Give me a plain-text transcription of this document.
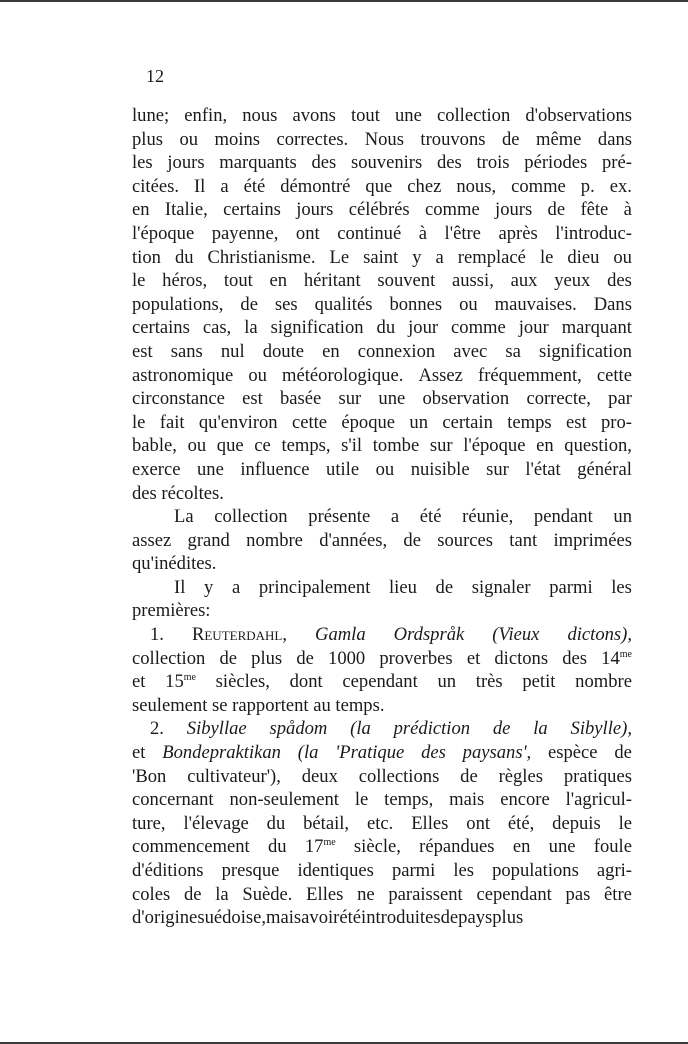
12
lune; enfin, nous avons tout une collection d'observations
plus ou moins correctes. Nous trouvons de même dans
les jours marquants des souvenirs des trois périodes pré-
citées. Il a été démontré que chez nous, comme p. ex.
en Italie, certains jours célébrés comme jours de fête à
l'époque payenne, ont continué à l'être après l'introduc-
tion du Christianisme. Le saint y a remplacé le dieu ou
le héros, tout en héritant souvent aussi, aux yeux des
populations, de ses qualités bonnes ou mauvaises. Dans
certains cas, la signification du jour comme jour marquant
est sans nul doute en connexion avec sa signification
astronomique ou météorologique. Assez fréquemment, cette
circonstance est basée sur une observation correcte, par
le fait qu'environ cette époque un certain temps est pro-
bable, ou que ce temps, s'il tombe sur l'époque en question,
exerce une influence utile ou nuisible sur l'état général
des récoltes.
La collection présente a été réunie, pendant un
assez grand nombre d'années, de sources tant imprimées
qu'inédites.
Il y a principalement lieu de signaler parmi les
premières:
1. Reuterdahl, Gamla Ordspråk (Vieux dictons),
collection de plus de 1000 proverbes et dictons des $14^{me}$
et $15^{me}$ siècles, dont cependant un très petit nombre
seulement se rapportent au temps.
2. Sibyllae spådom (la prédiction de la Sibylle),
et Bondepraktikan (la 'Pratique des paysans', espèce de
'Bon cultivateur'), deux collections de règles pratiques
concernant non-seulement le temps, mais encore l'agricul-
ture, l'élevage du bétail, etc. Elles ont été, depuis le
commencement du $17^{me}$ siècle, répandues en une foule
d'éditions presque identiques parmi les populations agri-
coles de la Suède. Elles ne paraissent cependant pas être
d'origine suédoise, mais avoir été introduites de pays plus
